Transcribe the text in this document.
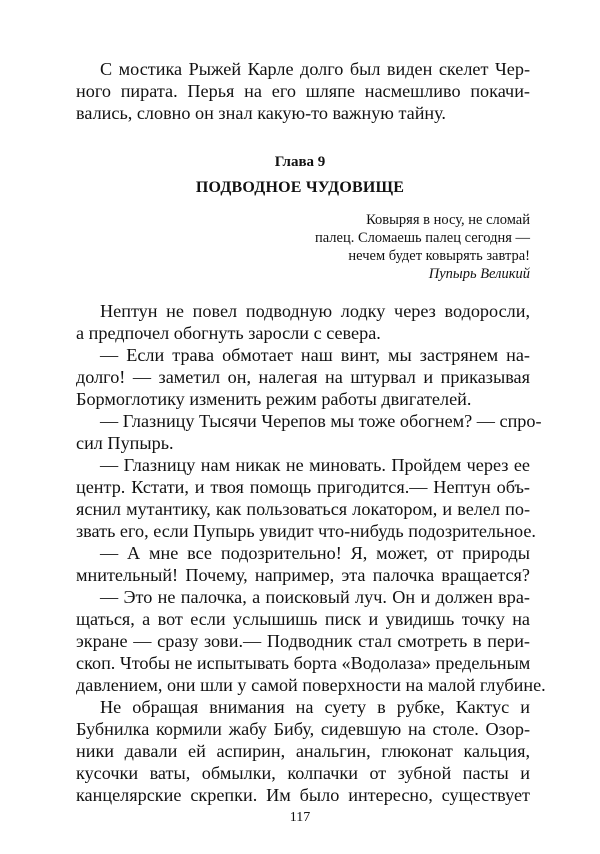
С мостика Рыжей Карле долго был виден скелет Чер-
ного пирата. Перья на его шляпе насмешливо покачи-
вались, словно он знал какую-то важную тайну.
Глава 9
ПОДВОДНОЕ ЧУДОВИЩЕ
Ковыряя в носу, не сломай
палец. Сломаешь палец сегодня —
нечем будет ковырять завтра!
Пупырь Великий
Нептун не повел подводную лодку через водоросли,
а предпочел обогнуть заросли с севера.
— Если трава обмотает наш винт, мы застрянем на-
долго! — заметил он, налегая на штурвал и приказывая
Бормоглотику изменить режим работы двигателей.
— Глазницу Тысячи Черепов мы тоже обогнем? — спро-
сил Пупырь.
— Глазницу нам никак не миновать. Пройдем через ее
центр. Кстати, и твоя помощь пригодится.— Нептун объ-
яснил мутантику, как пользоваться локатором, и велел по-
звать его, если Пупырь увидит что-нибудь подозрительное.
— А мне все подозрительно! Я, может, от природы
мнительный! Почему, например, эта палочка вращается?
— Это не палочка, а поисковый луч. Он и должен вра-
щаться, а вот если услышишь писк и увидишь точку на
экране — сразу зови.— Подводник стал смотреть в пери-
скоп. Чтобы не испытывать борта «Водолаза» предельным
давлением, они шли у самой поверхности на малой глубине.
Не обращая внимания на суету в рубке, Кактус и
Бубнилка кормили жабу Бибу, сидевшую на столе. Озор-
ники давали ей аспирин, анальгин, глюконат кальция,
кусочки ваты, обмылки, колпачки от зубной пасты и
канцелярские скрепки. Им было интересно, существует
117
